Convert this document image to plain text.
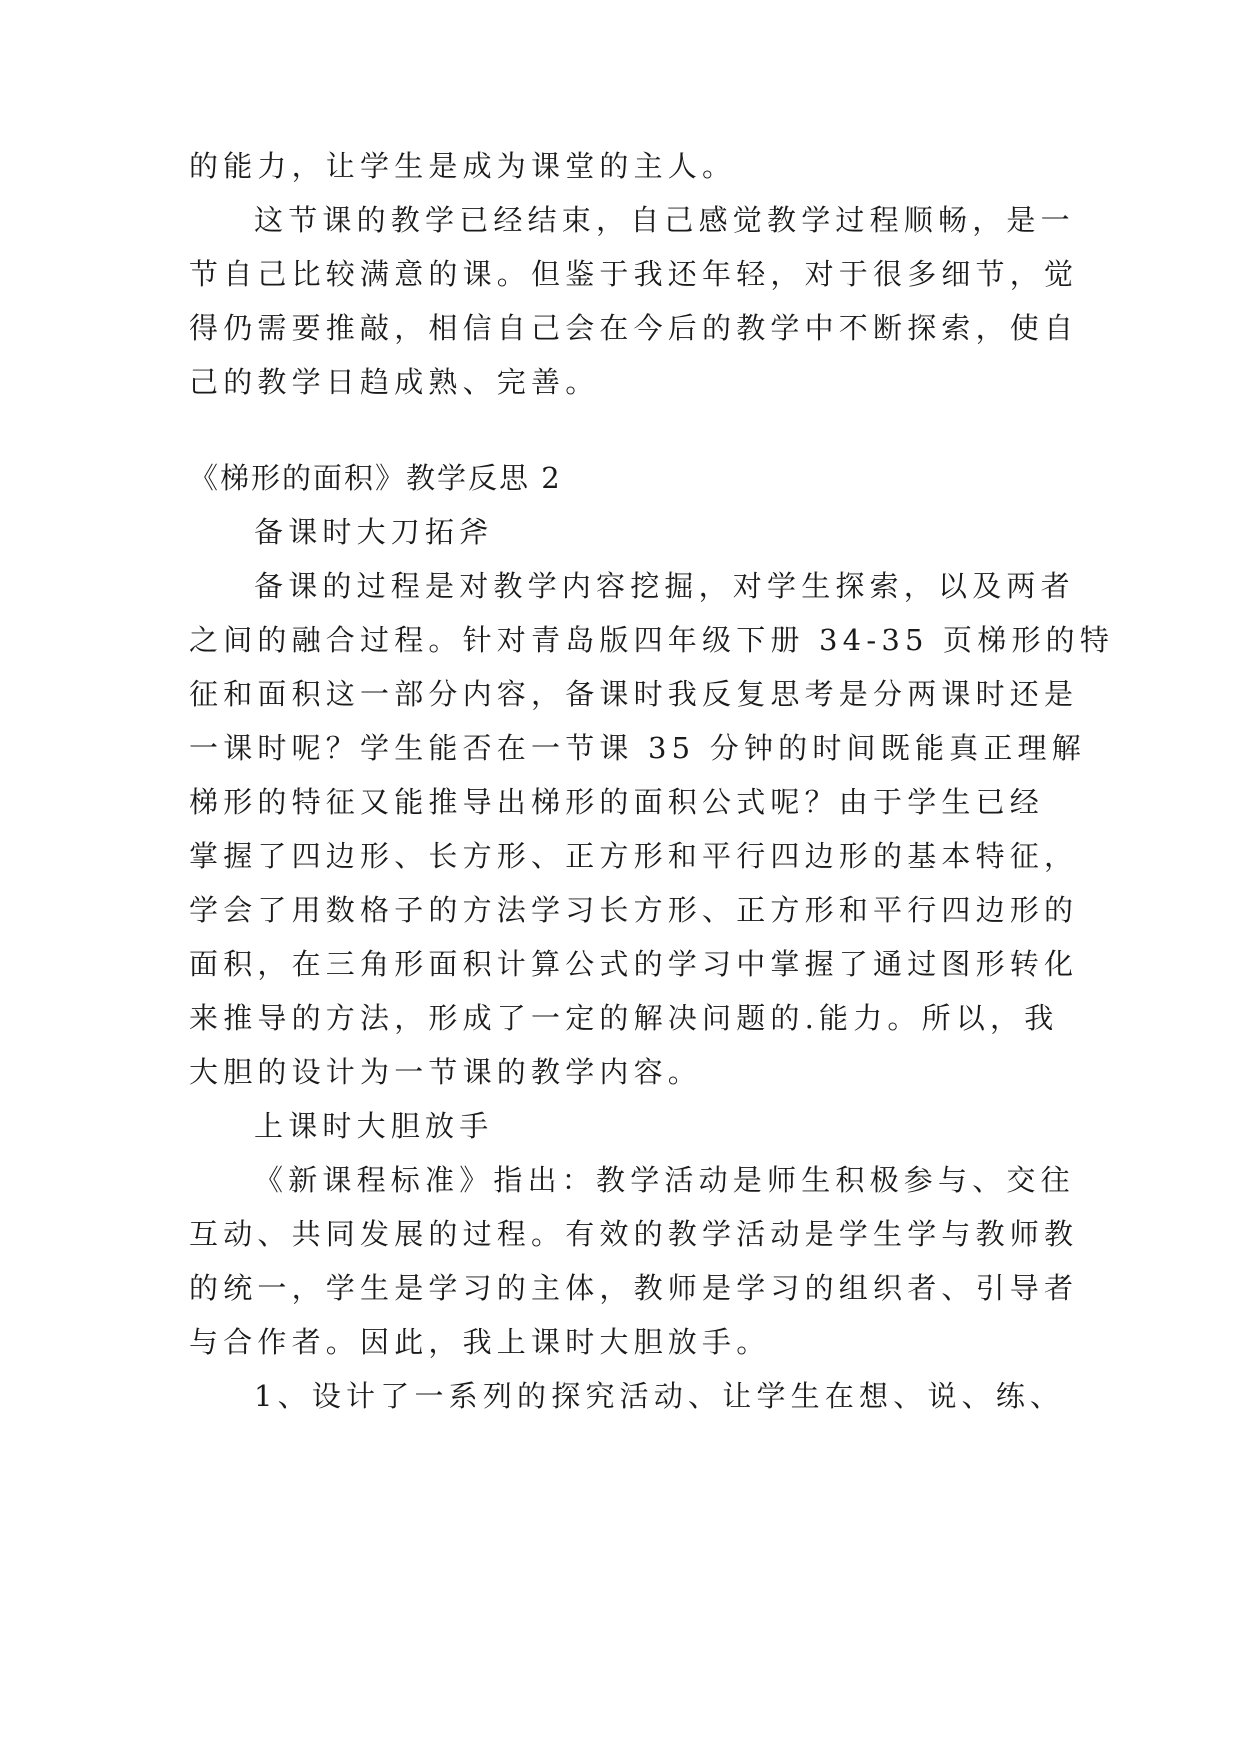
的能力，让学生是成为课堂的主人。
这节课的教学已经结束，自己感觉教学过程顺畅，是一
节自己比较满意的课。但鉴于我还年轻，对于很多细节，觉
得仍需要推敲，相信自己会在今后的教学中不断探索，使自
己的教学日趋成熟、完善。
《梯形的面积》教学反思 2
备课时大刀拓斧
备课的过程是对教学内容挖掘，对学生探索，以及两者
之间的融合过程。针对青岛版四年级下册 34-35 页梯形的特
征和面积这一部分内容，备课时我反复思考是分两课时还是
一课时呢？学生能否在一节课 35 分钟的时间既能真正理解
梯形的特征又能推导出梯形的面积公式呢？由于学生已经
掌握了四边形、长方形、正方形和平行四边形的基本特征，
学会了用数格子的方法学习长方形、正方形和平行四边形的
面积，在三角形面积计算公式的学习中掌握了通过图形转化
来推导的方法，形成了一定的解决问题的.能力。所以，我
大胆的设计为一节课的教学内容。
上课时大胆放手
《新课程标准》指出：教学活动是师生积极参与、交往
互动、共同发展的过程。有效的教学活动是学生学与教师教
的统一，学生是学习的主体，教师是学习的组织者、引导者
与合作者。因此，我上课时大胆放手。
1、设计了一系列的探究活动、让学生在想、说、练、
